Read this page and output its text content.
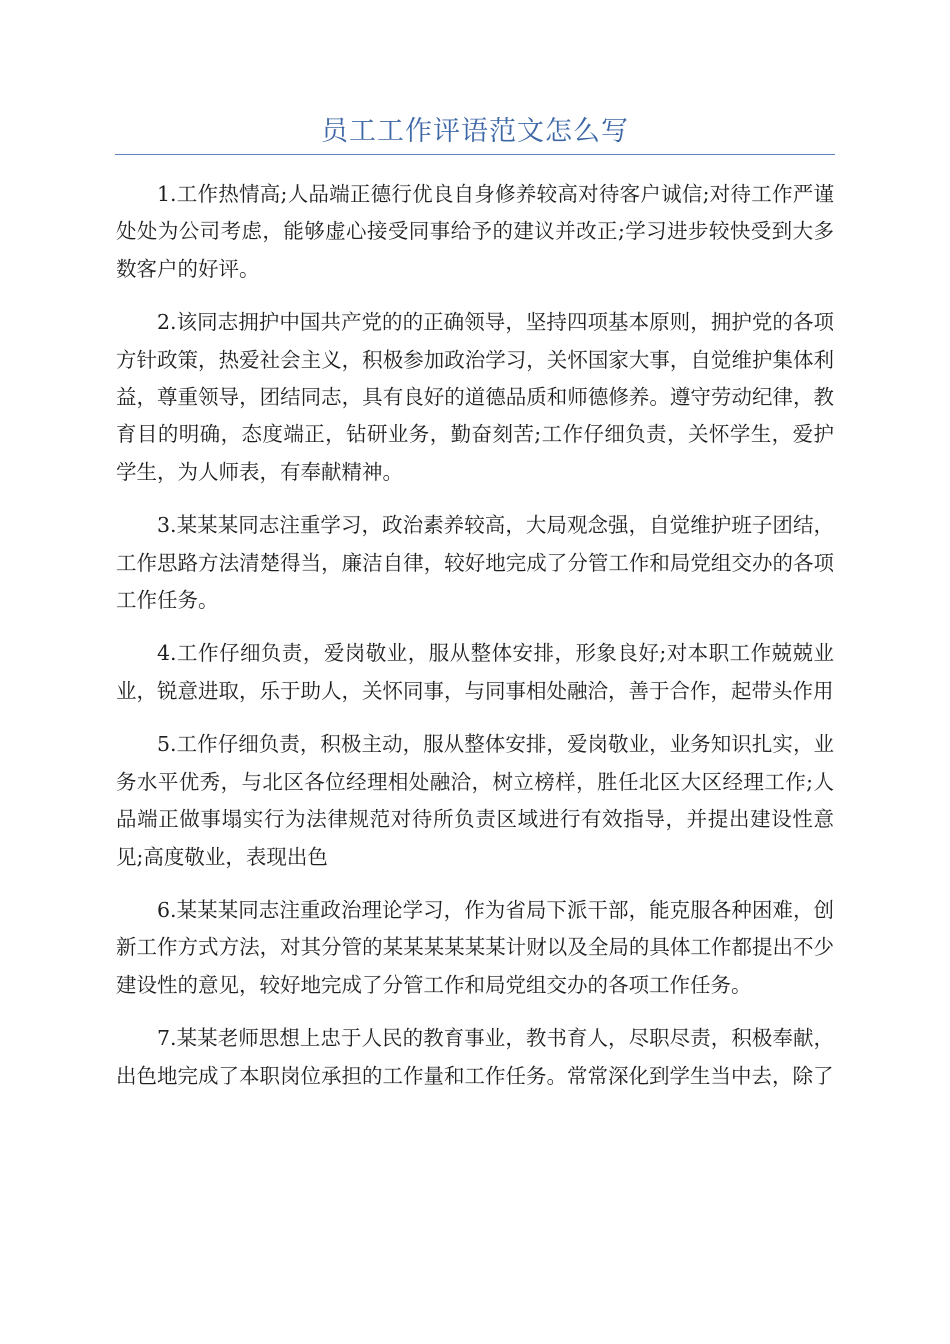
员工工作评语范文怎么写

1.工作热情高;人品端正德行优良自身修养较高对待客户诚信;对待工作严谨处处为公司考虑，能够虚心接受同事给予的建议并改正;学习进步较快受到大多数客户的好评。

2.该同志拥护中国共产党的的正确领导，坚持四项基本原则，拥护党的各项方针政策，热爱社会主义，积极参加政治学习，关怀国家大事，自觉维护集体利益，尊重领导，团结同志，具有良好的道德品质和师德修养。遵守劳动纪律，教育目的明确，态度端正，钻研业务，勤奋刻苦;工作仔细负责，关怀学生，爱护学生，为人师表，有奉献精神。

3.某某某同志注重学习，政治素养较高，大局观念强，自觉维护班子团结，工作思路方法清楚得当，廉洁自律，较好地完成了分管工作和局党组交办的各项工作任务。

4.工作仔细负责，爱岗敬业，服从整体安排，形象良好;对本职工作兢兢业业，锐意进取，乐于助人，关怀同事，与同事相处融洽，善于合作，起带头作用

5.工作仔细负责，积极主动，服从整体安排，爱岗敬业，业务知识扎实，业务水平优秀，与北区各位经理相处融洽，树立榜样，胜任北区大区经理工作;人品端正做事塌实行为法律规范对待所负责区域进行有效指导，并提出建设性意见;高度敬业，表现出色

6.某某某同志注重政治理论学习，作为省局下派干部，能克服各种困难，创新工作方式方法，对其分管的某某某某某某计财以及全局的具体工作都提出不少建设性的意见，较好地完成了分管工作和局党组交办的各项工作任务。

7.某某老师思想上忠于人民的教育事业，教书育人，尽职尽责，积极奉献，出色地完成了本职岗位承担的工作量和工作任务。常常深化到学生当中去，除了
